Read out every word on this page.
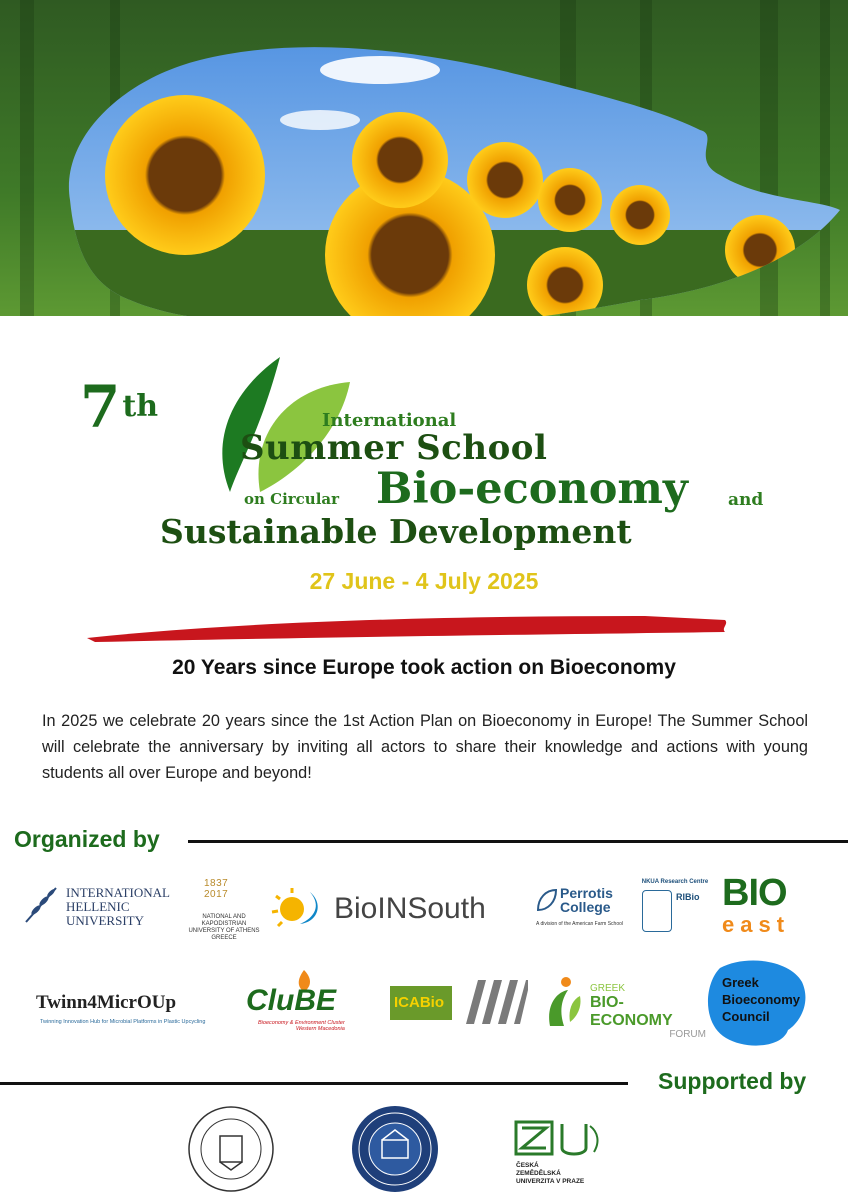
7th	International
Summer School
on Circular Bio-economy and
Sustainable Development
27 June - 4 July 2025
20 Years since Europe took action on Bioeconomy
In 2025 we celebrate 20 years since the 1st Action Plan on Bioeconomy in Europe! The Summer School will celebrate the anniversary by inviting all actors to share their knowledge and actions with young students all over Europe and beyond!
Organized by
INTERNATIONAL
HELLENIC
UNIVERSITY
1837 2017
NATIONAL AND
KAPODISTRIAN
UNIVERSITY OF ATHENS
GREECE
BioINSouth	Perrotis
College
A division of the American Farm School
NKUA Research Centre
RIBio BIO
east
Twinn4MicrOUp
Twinning Innovation Hub for Microbial Platforms in Plastic Upcycling
CluBE
Bioeconomy & Environment Cluster
Western Macedonia
ICABio
GREEK
BIO-ECONOMY
FORUM
Greek
Bioeconomy
Council
Supported by
ČESKÁ
ZEMĚDĚLSKÁ
UNIVERZITA V PRAZE
